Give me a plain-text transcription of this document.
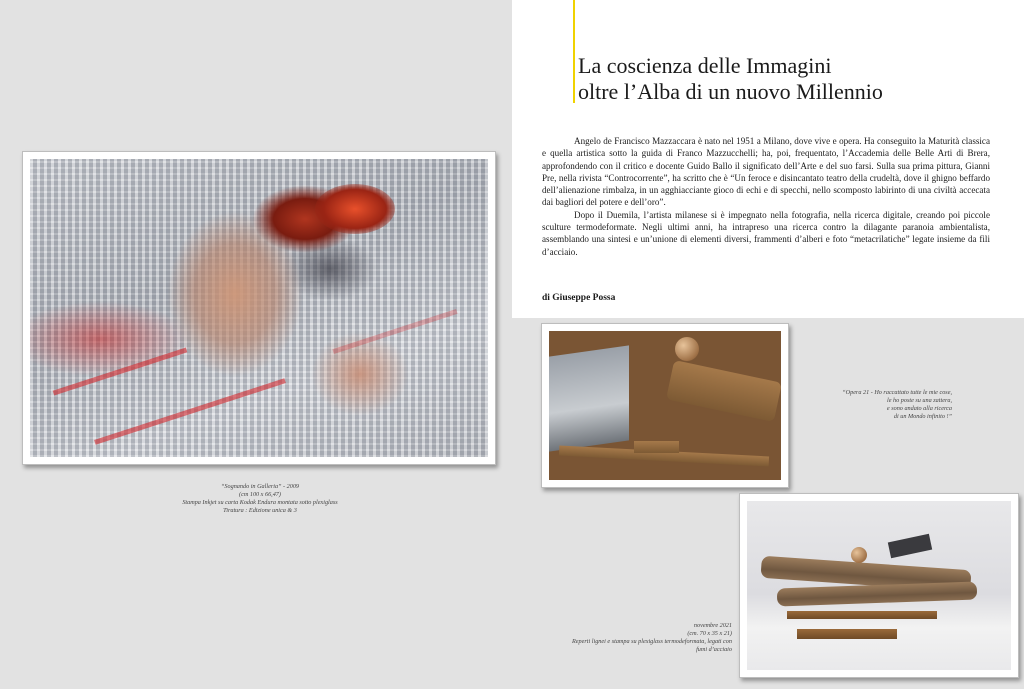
“Sognando in Galleria” - 2009
(cm 100 x 66,47)
Stampa Inkjet su carta Kodak Endura montata sotto plexiglass
Tiratura : Edizione unica & 3
La coscienza delle Immagini
oltre l’Alba di un nuovo Millennio

Angelo de Francisco Mazzaccara è nato nel 1951 a Milano, dove vive e opera. Ha conseguito la Maturità classica e quella artistica sotto la guida di Franco Mazzucchelli; ha, poi, frequentato, l’Accademia delle Belle Arti di Brera, approfondendo con il critico e docente Guido Ballo il significato dell’Arte e del suo farsi. Sulla sua prima pittura, Gianni Pre, nella rivista “Controcorrente”, ha scritto che è “Un feroce e disincantato teatro della crudeltà, dove il ghigno beffardo dell’alienazione rimbalza, in un agghiacciante gioco di echi e di specchi, nello scomposto labirinto di una civiltà accecata dai bagliori del potere e dell’oro”.

Dopo il Duemila, l’artista milanese si è impegnato nella fotografia, nella ricerca digitale, creando poi piccole sculture termodeformate. Negli ultimi anni, ha intrapreso una ricerca contro la dilagante paranoia ambientalista, assemblando una sintesi e un’unione di elementi diversi, frammenti d’alberi e foto “metacrilatiche” legate insieme da fili d’acciaio.

di Giuseppe Possa
“Opera 21 - Ho raccattato tutte le mie cose,
le ho poste su una zattera,
e sono andato alla ricerca
di un Mondo infinito !”
novembre 2021
(cm. 70 x 35 x 21)
Reperti lignei e stampa su plexiglass termodeformata, legati con
fumi d’acciaio
